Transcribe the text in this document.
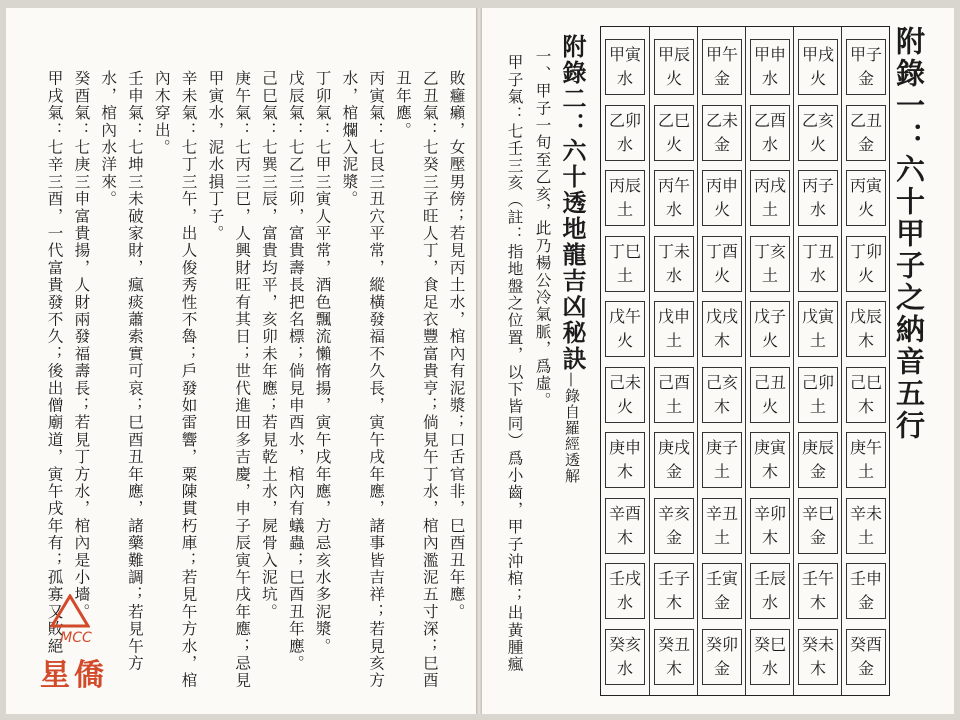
敗癰癩，女壓男傍；若見丙土水，棺內有泥漿；口舌官非，巳酉丑年應。
乙丑氣：七癸三子旺人丁，食足衣豐富貴亨；倘見午丁水，棺內濫泥五寸深；巳酉
丑年應。
丙寅氣：七艮三丑穴平常，縱橫發福不久長，寅午戌年應，諸事皆吉祥；若見亥方
水，棺爛入泥漿。
丁卯氣：七甲三寅人平常，酒色飄流懶惰揚，寅午戌年應，方忌亥水多泥漿。
戊辰氣：七乙三卯，富貴壽長把名標；倘見申酉水，棺內有蟻蟲；巳酉丑年應。
己巳氣：七巽三辰，富貴均平，亥卯未年應；若見乾土水，屍骨入泥坑。
庚午氣：七丙三巳，人興財旺有其日；世代進田多吉慶，申子辰寅午戌年應；忌見
甲寅水，泥水損丁子。
辛未氣：七丁三午，出人俊秀性不魯；戶發如雷響，粟陳貫朽庫；若見午方水，棺
內木穿出。
壬申氣：七坤三未破家財，瘋痰蕭索實可哀；巳酉丑年應，諸藥難調；若見午方
水，棺內水洋來。
癸酉氣：七庚三申富貴揚，人財兩發福壽長；若見丁方水，棺內是小墻。
甲戌氣：七辛三酉，一代富貴發不久；後出僧廟道，寅午戌年有；孤寡又敗絕
MCC
星僑
附錄一：六十甲子之納音五行
甲子
金
乙丑
金
丙寅
火
丁卯
火
戊辰
木
己巳
木
庚午
土
辛未
土
壬申
金
癸酉
金
甲戌
火
乙亥
火
丙子
水
丁丑
水
戊寅
土
己卯
土
庚辰
金
辛巳
金
壬午
木
癸未
木
甲申
水
乙酉
水
丙戌
土
丁亥
土
戊子
火
己丑
火
庚寅
木
辛卯
木
壬辰
水
癸巳
水
甲午
金
乙未
金
丙申
火
丁酉
火
戊戌
木
己亥
木
庚子
土
辛丑
土
壬寅
金
癸卯
金
甲辰
火
乙巳
火
丙午
水
丁未
水
戊申
土
己酉
土
庚戌
金
辛亥
金
壬子
木
癸丑
木
甲寅
水
乙卯
水
丙辰
土
丁巳
土
戊午
火
己未
火
庚申
木
辛酉
木
壬戌
水
癸亥
水
附錄二：六十透地龍吉凶秘訣—錄自羅經透解
一、甲子一旬至乙亥，此乃楊公冷氣脈，爲虛。
甲子氣：七壬三亥（註：指地盤之位置，以下皆同）爲小齒，甲子沖棺；出黃腫瘋
